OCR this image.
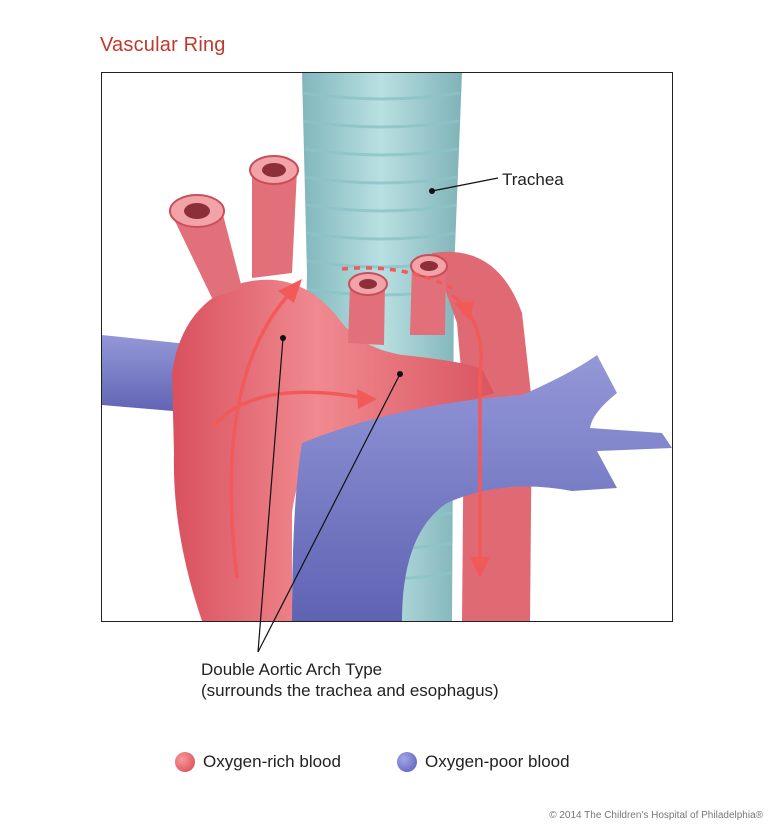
Vascular Ring
Trachea
Double Aortic Arch Type
(surrounds the trachea and esophagus)
Oxygen-rich blood	Oxygen-poor blood
© 2014 The Children's Hospital of Philadelphia®
